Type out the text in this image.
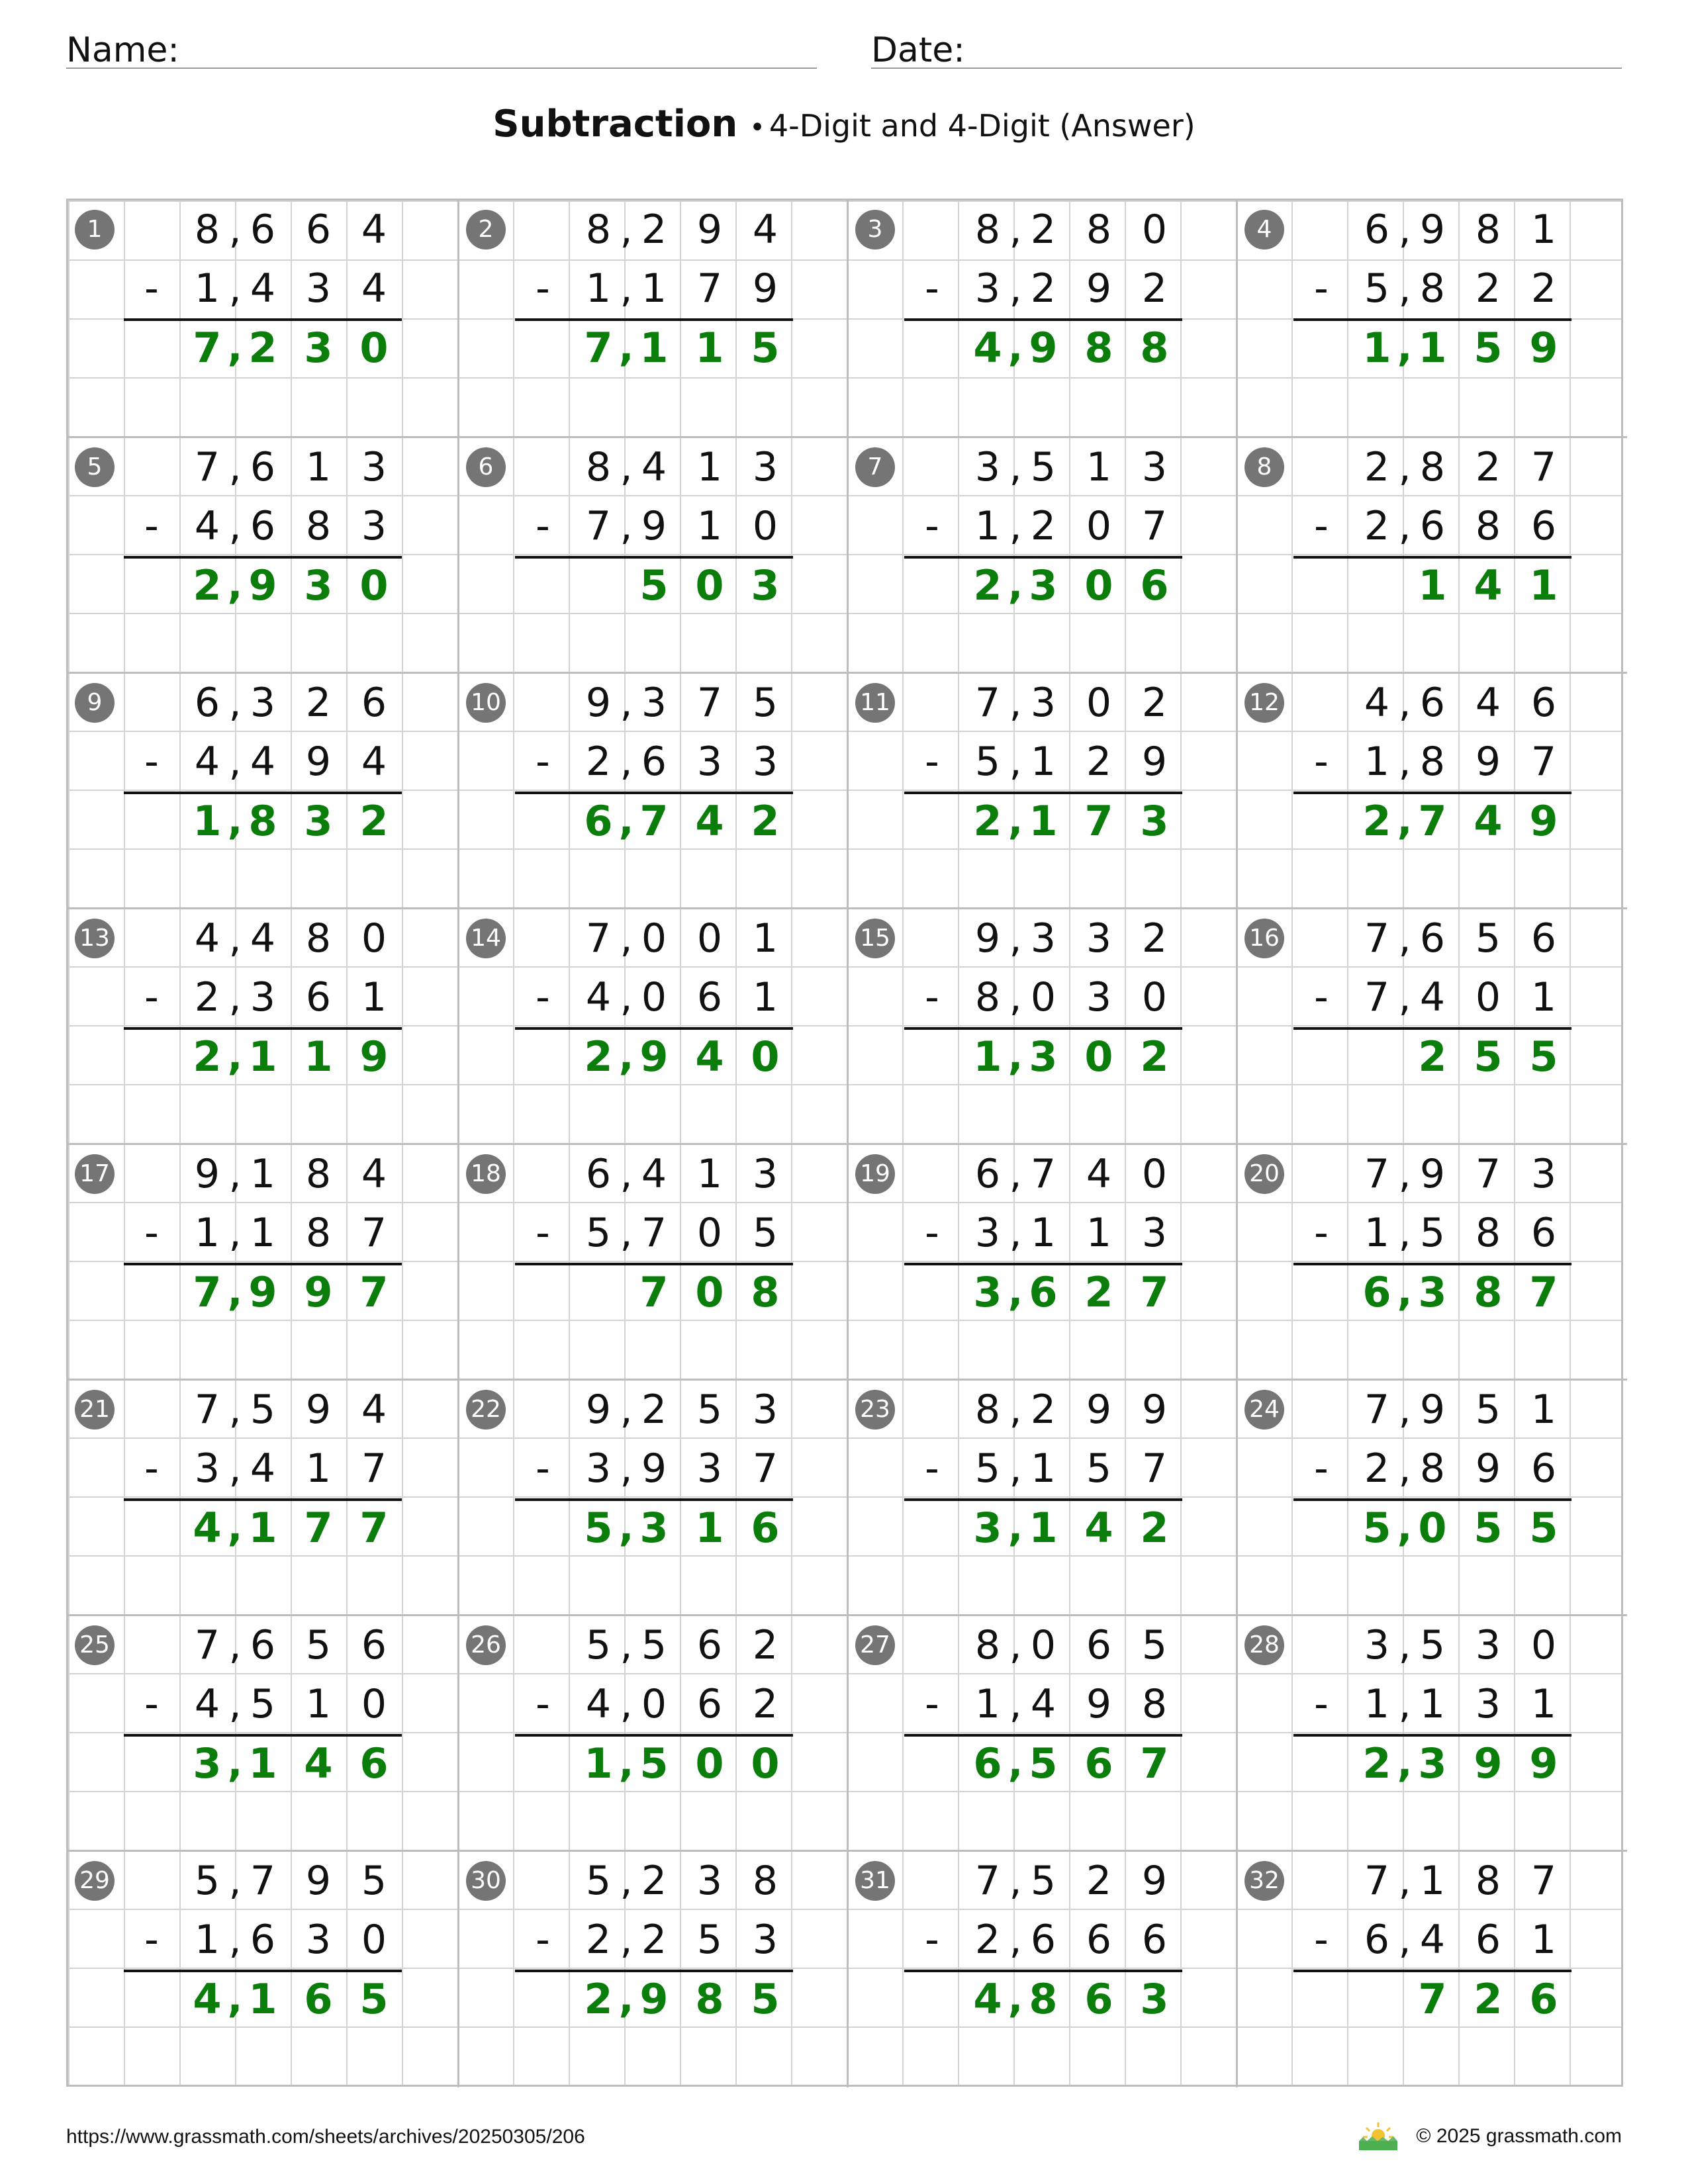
Name:	Date:
Subtraction • 4-Digit and 4-Digit (Answer)
1	8 6 6 4
,
- 1 4 3 4
,
7 2 3 0
,
2	8 2 9 4
,
- 1 1 7 9
,
7 1 1 5
,
3	8 2 8 0
,
- 3 2 9 2
,
4 9 8 8
,
4	6 9 8 1
,
- 5 8 2 2
,
1 1 5 9
,
5	7 6 1 3
,
- 4 6 8 3
,
2 9 3 0
,
6	8 4 1 3
,
- 7 9 1 0
,
5 0 3
7	3 5 1 3
,
- 1 2 0 7
,
2 3 0 6
,
8	2 8 2 7
,
- 2 6 8 6
,
1 4 1
9	6 3 2 6
,
- 4 4 9 4
,
1 8 3 2
,
10	9 3 7 5
,
- 2 6 3 3
,
6 7 4 2
,
11	7 3 0 2
,
- 5 1 2 9
,
2 1 7 3
,
12	4 6 4 6
,
- 1 8 9 7
,
2 7 4 9
,
13	4 4 8 0
,
- 2 3 6 1
,
2 1 1 9
,
14	7 0 0 1
,
- 4 0 6 1
,
2 9 4 0
,
15	9 3 3 2
,
- 8 0 3 0
,
1 3 0 2
,
16	7 6 5 6
,
- 7 4 0 1
,
2 5 5
17	9 1 8 4
,
- 1 1 8 7
,
7 9 9 7
,
18	6 4 1 3
,
- 5 7 0 5
,
7 0 8
19	6 7 4 0
,
- 3 1 1 3
,
3 6 2 7
,
20	7 9 7 3
,
- 1 5 8 6
,
6 3 8 7
,
21	7 5 9 4
,
- 3 4 1 7
,
4 1 7 7
,
22	9 2 5 3
,
- 3 9 3 7
,
5 3 1 6
,
23	8 2 9 9
,
- 5 1 5 7
,
3 1 4 2
,
24	7 9 5 1
,
- 2 8 9 6
,
5 0 5 5
,
25	7 6 5 6
,
- 4 5 1 0
,
3 1 4 6
,
26	5 5 6 2
,
- 4 0 6 2
,
1 5 0 0
,
27	8 0 6 5
,
- 1 4 9 8
,
6 5 6 7
,
28	3 5 3 0
,
- 1 1 3 1
,
2 3 9 9
,
29	5 7 9 5
,
- 1 6 3 0
,
4 1 6 5
,
30	5 2 3 8
,
- 2 2 5 3
,
2 9 8 5
,
31	7 5 2 9
,
- 2 6 6 6
,
4 8 6 3
,
32	7 1 8 7
,
- 6 4 6 1
,
7 2 6
https://www.grassmath.com/sheets/archives/20250305/206	© 2025 grassmath.com
